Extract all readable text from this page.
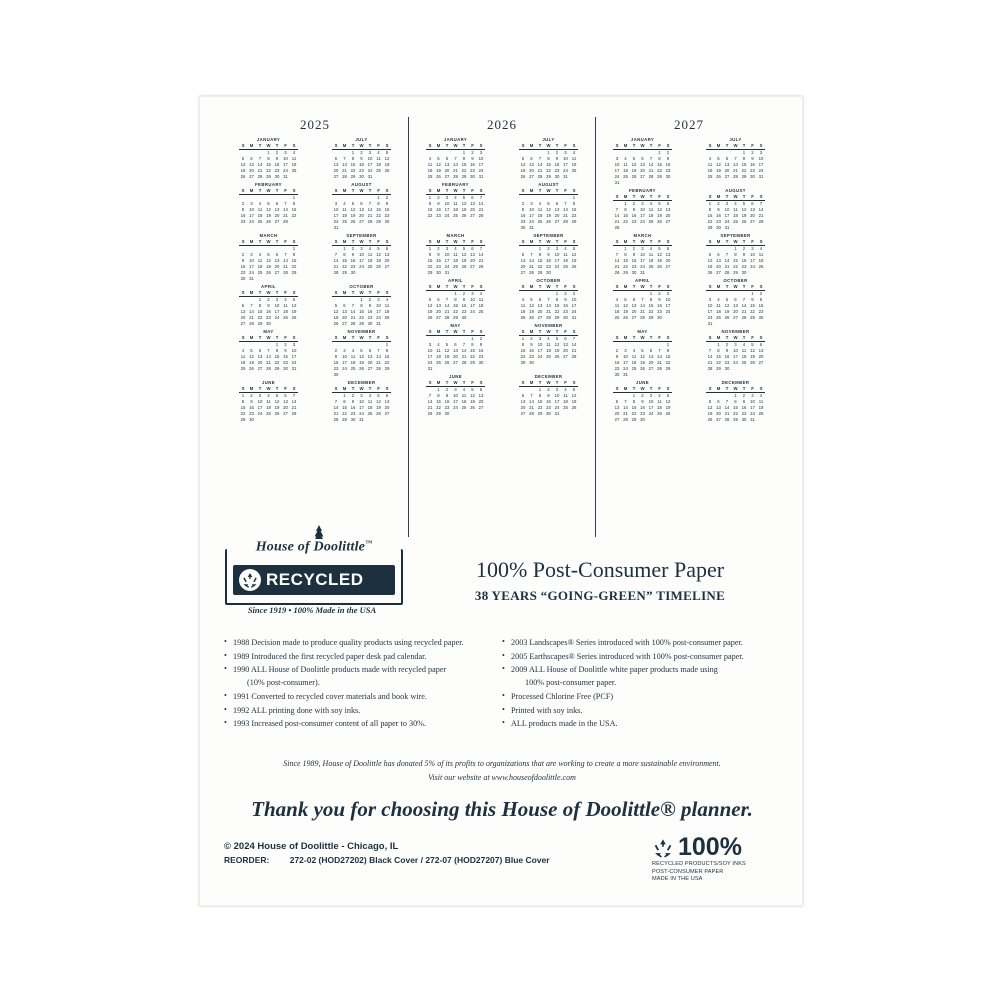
2025
JANUARY
S	M	T	W	T	F	S
			1	2	3	4
5	6	7	8	9	10	11
12	13	14	15	16	17	18
19	20	21	22	23	24	25
26	27	28	29	30	31	
JULY
S	M	T	W	T	F	S
		1	2	3	4	5
6	7	8	9	10	11	12
13	14	15	16	17	18	19
20	21	22	23	24	25	26
27	28	29	30	31		
FEBRUARY
S	M	T	W	T	F	S
						1
2	3	4	5	6	7	8
9	10	11	12	13	14	15
16	17	18	19	20	21	22
23	24	25	26	27	28	
AUGUST
S	M	T	W	T	F	S
					1	2
3	4	5	6	7	8	9
10	11	12	13	14	15	16
17	18	19	20	21	22	23
24	25	26	27	28	29	30
31						
MARCH
S	M	T	W	T	F	S
						1
2	3	4	5	6	7	8
9	10	11	12	13	14	15
16	17	18	19	20	21	22
23	24	25	26	27	28	29
30	31					
SEPTEMBER
S	M	T	W	T	F	S
	1	2	3	4	5	6
7	8	9	10	11	12	13
14	15	16	17	18	19	20
21	22	23	24	25	26	27
28	29	30				
APRIL
S	M	T	W	T	F	S
		1	2	3	4	5
6	7	8	9	10	11	12
13	14	15	16	17	18	19
20	21	22	23	24	25	26
27	28	29	30			
OCTOBER
S	M	T	W	T	F	S
			1	2	3	4
5	6	7	8	9	10	11
12	13	14	15	16	17	18
19	20	21	22	23	24	25
26	27	28	29	30	31	
MAY
S	M	T	W	T	F	S
				1	2	3
4	5	6	7	8	9	10
11	12	13	14	15	16	17
18	19	20	21	22	23	24
25	26	27	28	29	30	31
NOVEMBER
S	M	T	W	T	F	S
						1
2	3	4	5	6	7	8
9	10	11	12	13	14	15
16	17	18	19	20	21	22
23	24	25	26	27	28	29
30						
JUNE
S	M	T	W	T	F	S
1	2	3	4	5	6	7
8	9	10	11	12	13	14
15	16	17	18	19	20	21
22	23	24	25	26	27	28
29	30					
DECEMBER
S	M	T	W	T	F	S
	1	2	3	4	5	6
7	8	9	10	11	12	13
14	15	16	17	18	19	20
21	22	23	24	25	26	27
28	29	30	31			
2026
JANUARY
S	M	T	W	T	F	S
				1	2	3
4	5	6	7	8	9	10
11	12	13	14	15	16	17
18	19	20	21	22	23	24
25	26	27	28	29	30	31
JULY
S	M	T	W	T	F	S
			1	2	3	4
5	6	7	8	9	10	11
12	13	14	15	16	17	18
19	20	21	22	23	24	25
26	27	28	29	30	31	
FEBRUARY
S	M	T	W	T	F	S
1	2	3	4	5	6	7
8	9	10	11	12	13	14
15	16	17	18	19	20	21
22	23	24	25	26	27	28
AUGUST
S	M	T	W	T	F	S
						1
2	3	4	5	6	7	8
9	10	11	12	13	14	15
16	17	18	19	20	21	22
23	24	25	26	27	28	29
30	31					
MARCH
S	M	T	W	T	F	S
1	2	3	4	5	6	7
8	9	10	11	12	13	14
15	16	17	18	19	20	21
22	23	24	25	26	27	28
29	30	31				
SEPTEMBER
S	M	T	W	T	F	S
		1	2	3	4	5
6	7	8	9	10	11	12
13	14	15	16	17	18	19
20	21	22	23	24	25	26
27	28	29	30			
APRIL
S	M	T	W	T	F	S
			1	2	3	4
5	6	7	8	9	10	11
12	13	14	15	16	17	18
19	20	21	22	23	24	25
26	27	28	29	30		
OCTOBER
S	M	T	W	T	F	S
				1	2	3
4	5	6	7	8	9	10
11	12	13	14	15	16	17
18	19	20	21	22	23	24
25	26	27	28	29	30	31
MAY
S	M	T	W	T	F	S
					1	2
3	4	5	6	7	8	9
10	11	12	13	14	15	16
17	18	19	20	21	22	23
24	25	26	27	28	29	30
31						
NOVEMBER
S	M	T	W	T	F	S
1	2	3	4	5	6	7
8	9	10	11	12	13	14
15	16	17	18	19	20	21
22	23	24	25	26	27	28
29	30					
JUNE
S	M	T	W	T	F	S
	1	2	3	4	5	6
7	8	9	10	11	12	13
14	15	16	17	18	19	20
21	22	23	24	25	26	27
28	29	30				
DECEMBER
S	M	T	W	T	F	S
		1	2	3	4	5
6	7	8	9	10	11	12
13	14	15	16	17	18	19
20	21	22	23	24	25	26
27	28	29	30	31		
2027
JANUARY
S	M	T	W	T	F	S
					1	2
3	4	5	6	7	8	9
10	11	12	13	14	15	16
17	18	19	20	21	22	23
24	25	26	27	28	29	30
31						
JULY
S	M	T	W	T	F	S
				1	2	3
4	5	6	7	8	9	10
11	12	13	14	15	16	17
18	19	20	21	22	23	24
25	26	27	28	29	30	31
FEBRUARY
S	M	T	W	T	F	S
	1	2	3	4	5	6
7	8	9	10	11	12	13
14	15	16	17	18	19	20
21	22	23	24	25	26	27
28						
AUGUST
S	M	T	W	T	F	S
1	2	3	4	5	6	7
8	9	10	11	12	13	14
15	16	17	18	19	20	21
22	23	24	25	26	27	28
29	30	31				
MARCH
S	M	T	W	T	F	S
	1	2	3	4	5	6
7	8	9	10	11	12	13
14	15	16	17	18	19	20
21	22	23	24	25	26	27
28	29	30	31			
SEPTEMBER
S	M	T	W	T	F	S
			1	2	3	4
5	6	7	8	9	10	11
12	13	14	15	16	17	18
19	20	21	22	23	24	25
26	27	28	29	30		
APRIL
S	M	T	W	T	F	S
				1	2	3
4	5	6	7	8	9	10
11	12	13	14	15	16	17
18	19	20	21	22	23	24
25	26	27	28	29	30	
OCTOBER
S	M	T	W	T	F	S
					1	2
3	4	5	6	7	8	9
10	11	12	13	14	15	16
17	18	19	20	21	22	23
24	25	26	27	28	29	30
31						
MAY
S	M	T	W	T	F	S
						1
2	3	4	5	6	7	8
9	10	11	12	13	14	15
16	17	18	19	20	21	22
23	24	25	26	27	28	29
30	31					
NOVEMBER
S	M	T	W	T	F	S
	1	2	3	4	5	6
7	8	9	10	11	12	13
14	15	16	17	18	19	20
21	22	23	24	25	26	27
28	29	30				
JUNE
S	M	T	W	T	F	S
		1	2	3	4	5
6	7	8	9	10	11	12
13	14	15	16	17	18	19
20	21	22	23	24	25	26
27	28	29	30			
DECEMBER
S	M	T	W	T	F	S
			1	2	3	4
5	6	7	8	9	10	11
12	13	14	15	16	17	18
19	20	21	22	23	24	25
26	27	28	29	30	31	
House of Doolittle™
RECYCLED
Since 1919 • 100% Made in the USA
100% Post-Consumer Paper
38 YEARS “GOING-GREEN” TIMELINE
• 1988 Decision made to produce quality products using recycled paper.
• 1989 Introduced the first recycled paper desk pad calendar.
• 1990 ALL House of Doolittle products made with recycled paper
(10% post-consumer).
• 1991 Converted to recycled cover materials and book wire.
• 1992 ALL printing done with soy inks.
• 1993 Increased post-consumer content of all paper to 30%.
• 2003 Landscapes® Series introduced with 100% post-consumer paper.
• 2005 Earthscapes® Series introduced with 100% post-consumer paper.
• 2009 ALL House of Doolittle white paper products made using
100% post-consumer paper.
• Processed Chlorine Free (PCF)
• Printed with soy inks.
• ALL products made in the USA.
Since 1989, House of Doolittle has donated 5% of its profits to organizations that are working to create a more sustainable environment.
Visit our website at www.houseofdoolittle.com
Thank you for choosing this House of Doolittle® planner.
© 2024 House of Doolittle - Chicago, IL
REORDER: 272-02 (HOD27202) Black Cover / 272-07 (HOD27207) Blue Cover	100%
RECYCLED PRODUCTS/SOY INKS
POST-CONSUMER PAPER
MADE IN THE USA
